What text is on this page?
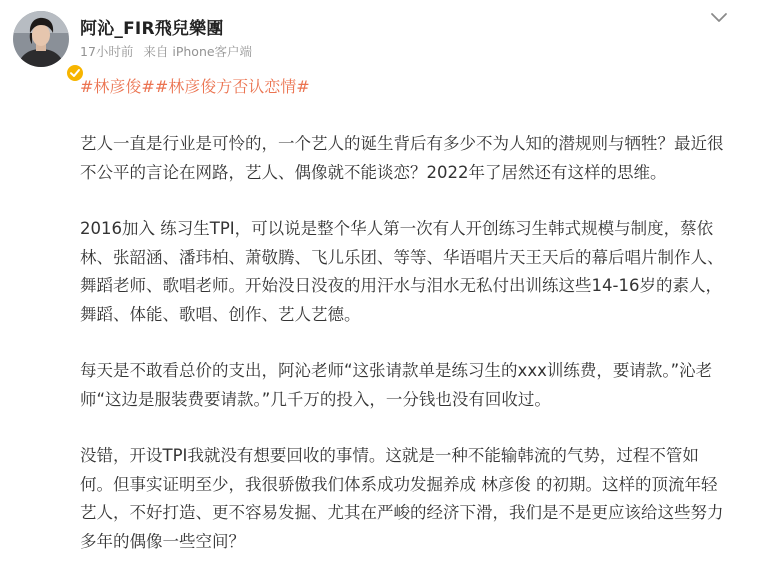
阿沁_FIR飛兒樂團
17小时前 来自 iPhone客户端
#林彦俊##林彦俊方否认恋情#

艺人一直是行业是可怜的，一个艺人的诞生背后有多少不为人知的潜规则与牺牲？最近很不公平的言论在网路，艺人、偶像就不能谈恋？2022年了居然还有这样的思维。

2016加入 练习生TPI，可以说是整个华人第一次有人开创练习生韩式规模与制度，蔡依林、张韶涵、潘玮柏、萧敬腾、飞儿乐团、等等、华语唱片天王天后的幕后唱片制作人、舞蹈老师、歌唱老师。开始没日没夜的用汗水与泪水无私付出训练这些14-16岁的素人，舞蹈、体能、歌唱、创作、艺人艺德。

每天是不敢看总价的支出，阿沁老师“这张请款单是练习生的xxx训练费，要请款。”沁老师“这边是服装费要请款。”几千万的投入，一分钱也没有回收过。

没错，开设TPI我就没有想要回收的事情。这就是一种不能输韩流的气势，过程不管如何。但事实证明至少，我很骄傲我们体系成功发掘养成 林彦俊 的初期。这样的顶流年轻艺人，不好打造、更不容易发掘、尤其在严峻的经济下滑，我们是不是更应该给这些努力多年的偶像一些空间？
